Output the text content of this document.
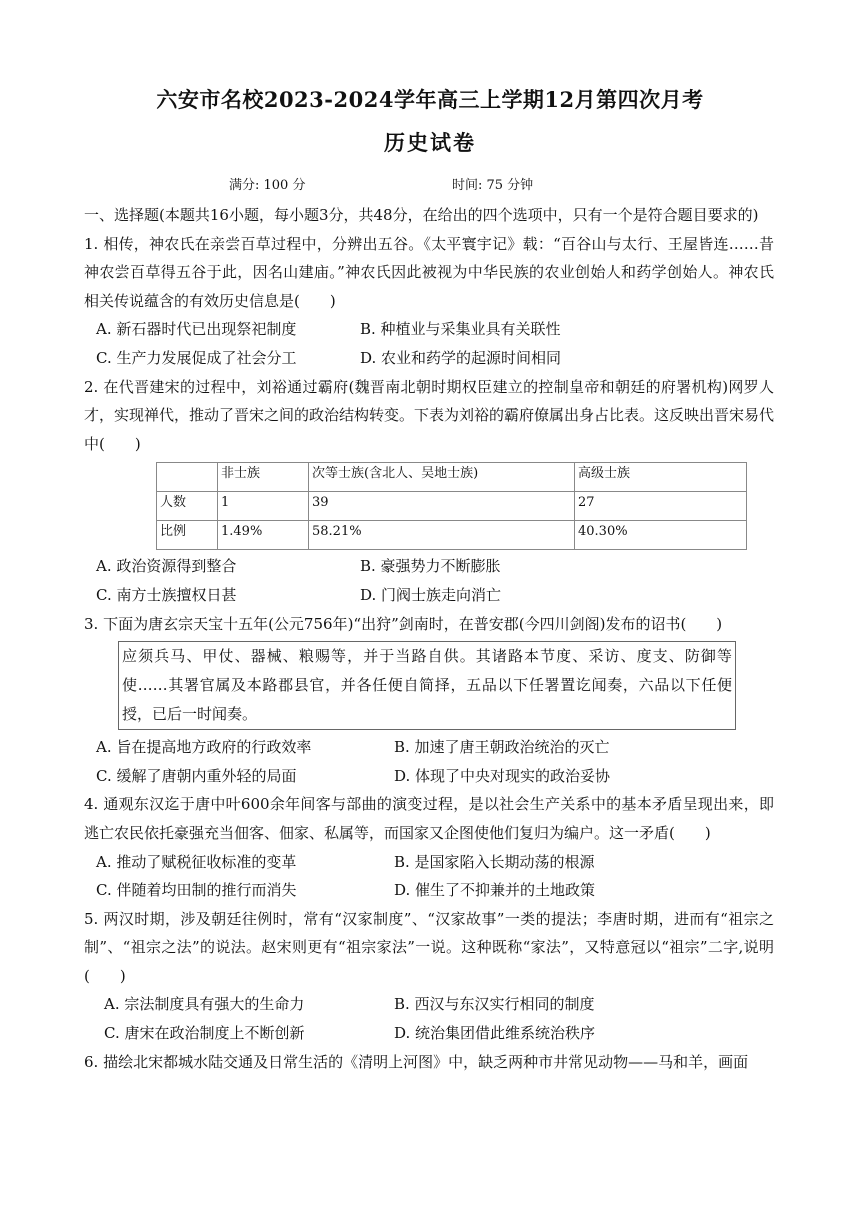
六安市名校2023-2024学年高三上学期12月第四次月考
历史试卷
满分: 100 分	时间: 75 分钟
一、选择题(本题共16小题，每小题3分，共48分，在给出的四个选项中，只有一个是符合题目要求的)
1. 相传，神农氏在亲尝百草过程中，分辨出五谷。《太平寰宇记》载：“百谷山与太行、王屋皆连……昔神农尝百草得五谷于此，因名山建庙。”神农氏因此被视为中华民族的农业创始人和药学创始人。神农氏相关传说蕴含的有效历史信息是(　　)
A. 新石器时代已出现祭祀制度	B. 种植业与采集业具有关联性
C. 生产力发展促成了社会分工	D. 农业和药学的起源时间相同
2. 在代晋建宋的过程中，刘裕通过霸府(魏晋南北朝时期权臣建立的控制皇帝和朝廷的府署机构)网罗人才，实现禅代，推动了晋宋之间的政治结构转变。下表为刘裕的霸府僚属出身占比表。这反映出晋宋易代中(　　)
	非士族	次等士族(含北人、吴地士族)	高级士族
人数	1	39	27
比例	1.49%	58.21%	40.30%
A. 政治资源得到整合	B. 豪强势力不断膨胀
C. 南方士族擅权日甚	D. 门阀士族走向消亡
3. 下面为唐玄宗天宝十五年(公元756年)“出狩”剑南时，在普安郡(今四川剑阁)发布的诏书(　　)
应须兵马、甲仗、器械、粮赐等，并于当路自供。其诸路本节度、采访、度支、防御等使……其署官属及本路郡县官，并各任便自简择，五品以下任署置讫闻奏，六品以下任便授，已后一时闻奏。
A. 旨在提高地方政府的行政效率	B. 加速了唐王朝政治统治的灭亡
C. 缓解了唐朝内重外轻的局面	D. 体现了中央对现实的政治妥协
4. 通观东汉迄于唐中叶600余年间客与部曲的演变过程，是以社会生产关系中的基本矛盾呈现出来，即逃亡农民依托豪强充当佃客、佃家、私属等，而国家又企图使他们复归为编户。这一矛盾(　　)
A. 推动了赋税征收标准的变革	B. 是国家陷入长期动荡的根源
C. 伴随着均田制的推行而消失	D. 催生了不抑兼并的土地政策
5. 两汉时期，涉及朝廷往例时，常有“汉家制度”、“汉家故事”一类的提法；李唐时期，进而有“祖宗之制”、“祖宗之法”的说法。赵宋则更有“祖宗家法”一说。这种既称“家法”，又特意冠以“祖宗”二字,说明(　　)
A. 宗法制度具有强大的生命力	B. 西汉与东汉实行相同的制度
C. 唐宋在政治制度上不断创新	D. 统治集团借此维系统治秩序
6. 描绘北宋都城水陆交通及日常生活的《清明上河图》中，缺乏两种市井常见动物——马和羊，画面
